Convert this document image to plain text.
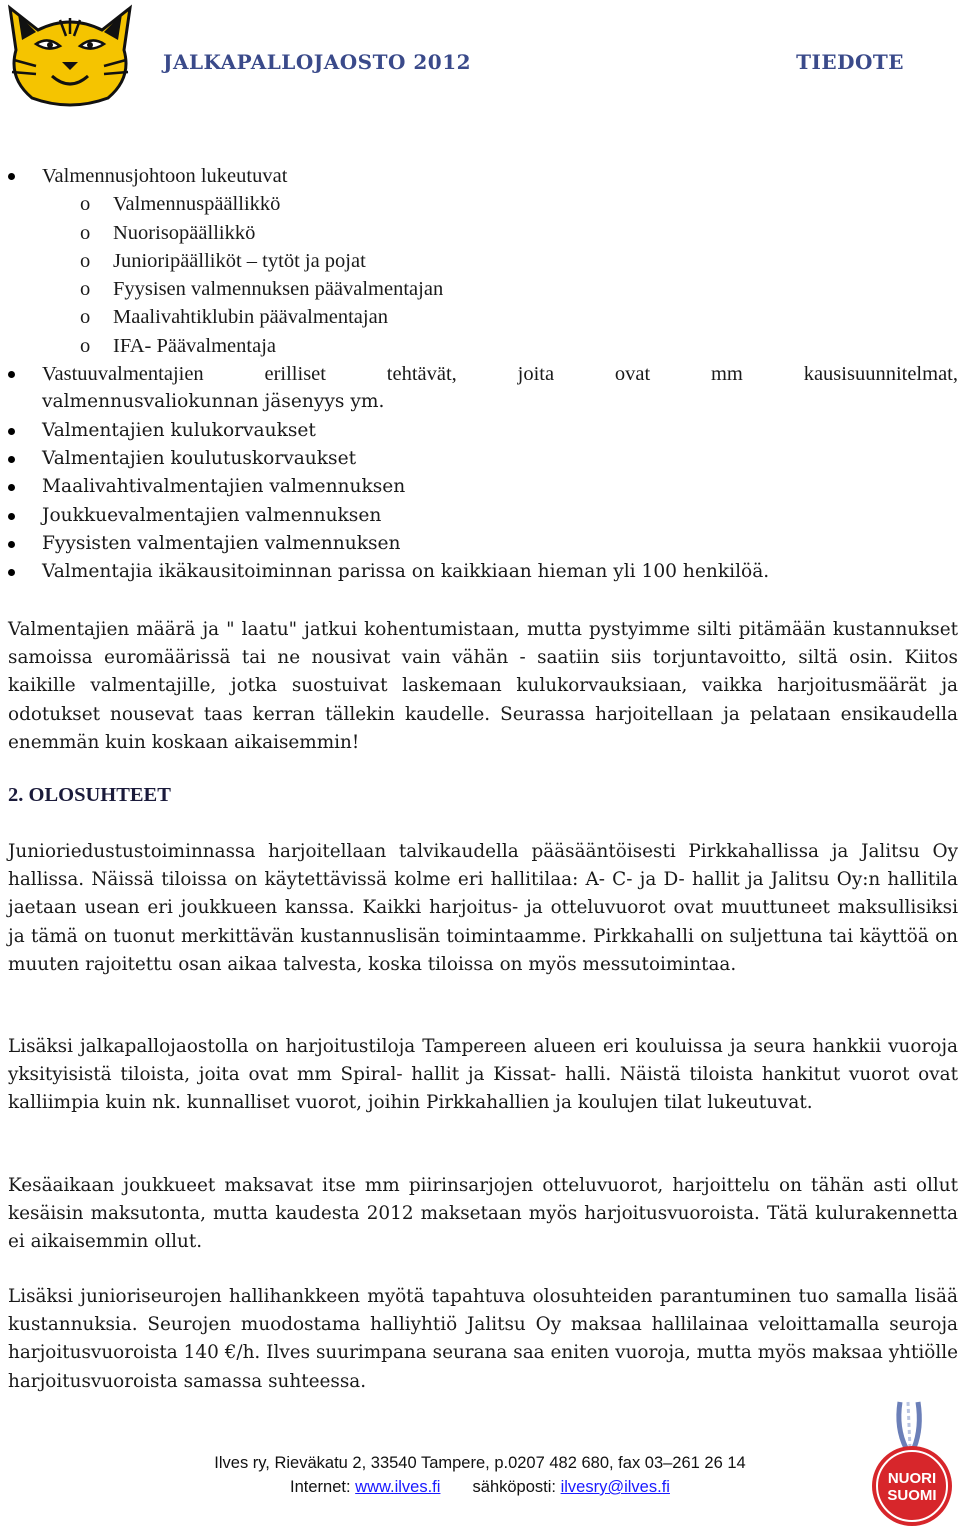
JALKAPALLOJAOSTO 2012	TIEDOTE
Valmennusjohtoon lukeutuvat
o Valmennuspäällikkö
o Nuorisopäällikkö
o Junioripäälliköt – tytöt ja pojat
o Fyysisen valmennuksen päävalmentajan
o Maalivahtiklubin päävalmentajan
o IFA- Päävalmentaja
Vastuuvalmentajien erilliset tehtävät, joita ovat mm kausisuunnitelmat,
valmennusvaliokunnan jäsenyys ym.
Valmentajien kulukorvaukset
Valmentajien koulutuskorvaukset
Maalivahtivalmentajien valmennuksen
Joukkuevalmentajien valmennuksen
Fyysisten valmentajien valmennuksen
Valmentajia ikäkausitoiminnan parissa on kaikkiaan hieman yli 100 henkilöä.
Valmentajien määrä ja " laatu" jatkui kohentumistaan, mutta pystyimme silti pitämään kustannukset samoissa euromäärissä tai ne nousivat vain vähän - saatiin siis torjuntavoitto, siltä osin. Kiitos kaikille valmentajille, jotka suostuivat laskemaan kulukorvauksiaan, vaikka harjoitusmäärät ja odotukset nousevat taas kerran tällekin kaudelle. Seurassa harjoitellaan ja pelataan ensikaudella enemmän kuin koskaan aikaisemmin!
2. OLOSUHTEET
Junioriedustustoiminnassa harjoitellaan talvikaudella pääsääntöisesti Pirkkahallissa ja Jalitsu Oy hallissa. Näissä tiloissa on käytettävissä kolme eri hallitilaa: A- C- ja D- hallit ja Jalitsu Oy:n hallitila jaetaan usean eri joukkueen kanssa. Kaikki harjoitus- ja otteluvuorot ovat muuttuneet maksullisiksi ja tämä on tuonut merkittävän kustannuslisän toimintaamme. Pirkkahalli on suljettuna tai käyttöä on muuten rajoitettu osan aikaa talvesta, koska tiloissa on myös messutoimintaa.
Lisäksi jalkapallojaostolla on harjoitustiloja Tampereen alueen eri kouluissa ja seura hankkii vuoroja yksityisistä tiloista, joita ovat mm Spiral- hallit ja Kissat- halli. Näistä tiloista hankitut vuorot ovat kalliimpia kuin nk. kunnalliset vuorot, joihin Pirkkahallien ja koulujen tilat lukeutuvat.
Kesäaikaan joukkueet maksavat itse mm piirinsarjojen otteluvuorot, harjoittelu on tähän asti ollut kesäisin maksutonta, mutta kaudesta 2012 maksetaan myös harjoitusvuoroista. Tätä kulurakennetta ei aikaisemmin ollut.
Lisäksi junioriseurojen hallihankkeen myötä tapahtuva olosuhteiden parantuminen tuo samalla lisää kustannuksia. Seurojen muodostama halliyhtiö Jalitsu Oy maksaa hallilainaa veloittamalla seuroja harjoitusvuoroista 140 €/h. Ilves suurimpana seurana saa eniten vuoroja, mutta myös maksaa yhtiölle harjoitusvuoroista samassa suhteessa.
Ilves ry, Rieväkatu 2, 33540 Tampere, p.0207 482 680, fax 03–261 26 14
Internet: www.ilves.fi sähköposti: ilvesry@ilves.fi	NUORI
SUOMI
